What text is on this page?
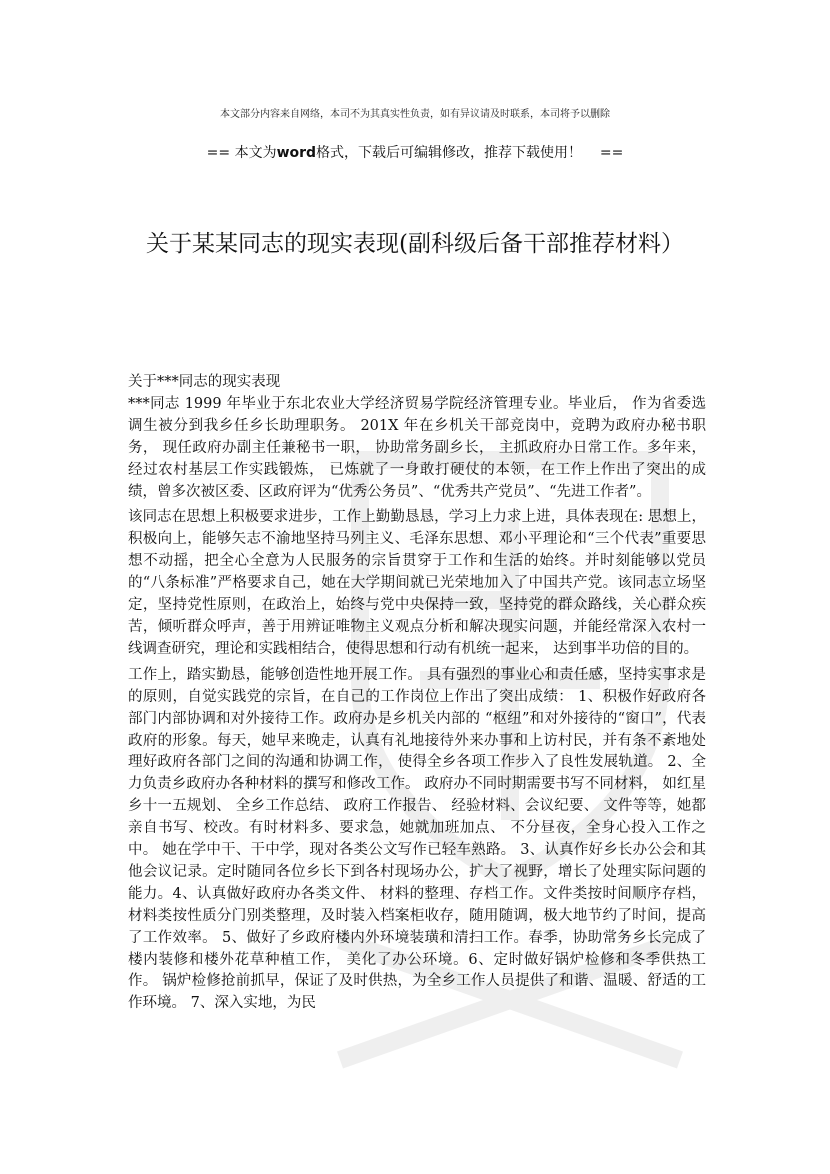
本文部分内容来自网络，本司不为其真实性负责，如有异议请及时联系，本司将予以删除
== 本文为word格式，下载后可编辑修改，推荐下载使用！ ==
关于某某同志的现实表现(副科级后备干部推荐材料）

关于***同志的现实表现

***同志 1999 年毕业于东北农业大学经济贸易学院经济管理专业。毕业后， 作为省委选调生被分到我乡任乡长助理职务。 201X 年在乡机关干部竞岗中，竞聘为政府办秘书职务， 现任政府办副主任兼秘书一职， 协助常务副乡长， 主抓政府办日常工作。多年来， 经过农村基层工作实践锻炼， 已炼就了一身敢打硬仗的本领，在工作上作出了突出的成绩，曾多次被区委、区政府评为“优秀公务员”、“优秀共产党员”、“先进工作者”。

该同志在思想上积极要求进步，工作上勤勤恳恳，学习上力求上进，具体表现在: 思想上，积极向上，能够矢志不渝地坚持马列主义、毛泽东思想、邓小平理论和“三个代表”重要思想不动摇，把全心全意为人民服务的宗旨贯穿于工作和生活的始终。并时刻能够以党员的“八条标准”严格要求自己，她在大学期间就已光荣地加入了中国共产党。该同志立场坚定，坚持党性原则，在政治上，始终与党中央保持一致，坚持党的群众路线，关心群众疾苦，倾听群众呼声，善于用辨证唯物主义观点分析和解决现实问题，并能经常深入农村一线调查研究，理论和实践相结合，使得思想和行动有机统一起来， 达到事半功倍的目的。

工作上，踏实勤恳，能够创造性地开展工作。 具有强烈的事业心和责任感，坚持实事求是的原则，自觉实践党的宗旨，在自己的工作岗位上作出了突出成绩： 1、积极作好政府各部门内部协调和对外接待工作。政府办是乡机关内部的 “枢纽”和对外接待的“窗口”，代表政府的形象。每天，她早来晚走，认真有礼地接待外来办事和上访村民，并有条不紊地处理好政府各部门之间的沟通和协调工作， 使得全乡各项工作步入了良性发展轨道。 2、全力负责乡政府办各种材料的撰写和修改工作。 政府办不同时期需要书写不同材料， 如红星乡十一五规划、 全乡工作总结、 政府工作报告、 经验材料、会议纪要、 文件等等，她都亲自书写、校改。有时材料多、要求急，她就加班加点、 不分昼夜，全身心投入工作之中。 她在学中干、干中学，现对各类公文写作已轻车熟路。 3、认真作好乡长办公会和其他会议记录。定时随同各位乡长下到各村现场办公，扩大了视野，增长了处理实际问题的能力。4、认真做好政府办各类文件、 材料的整理、存档工作。文件类按时间顺序存档，材料类按性质分门别类整理，及时装入档案柜收存，随用随调，极大地节约了时间，提高了工作效率。 5、做好了乡政府楼内外环境装璜和清扫工作。春季，协助常务乡长完成了楼内装修和楼外花草种植工作， 美化了办公环境。6、定时做好锅炉检修和冬季供热工作。 锅炉检修抢前抓早，保证了及时供热，为全乡工作人员提供了和谐、温暖、舒适的工作环境。 7、深入实地，为民
